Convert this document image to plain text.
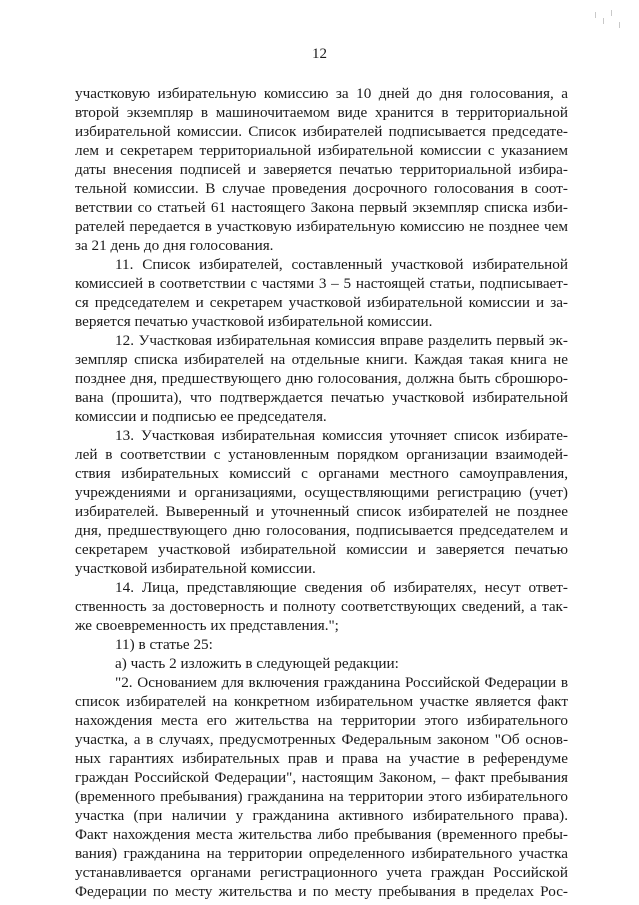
12
участковую избирательную комиссию за 10 дней до дня голосования, а
второй экземпляр в машиночитаемом виде хранится в территориальной
избирательной комиссии. Список избирателей подписывается председате-
лем и секретарем территориальной избирательной комиссии с указанием
даты внесения подписей и заверяется печатью территориальной избира-
тельной комиссии. В случае проведения досрочного голосования в соот-
ветствии со статьей 61 настоящего Закона первый экземпляр списка изби-
рателей передается в участковую избирательную комиссию не позднее чем
за 21 день до дня голосования.
11. Список избирателей, составленный участковой избирательной
комиссией в соответствии с частями 3 – 5 настоящей статьи, подписывает-
ся председателем и секретарем участковой избирательной комиссии и за-
веряется печатью участковой избирательной комиссии.
12. Участковая избирательная комиссия вправе разделить первый эк-
земпляр списка избирателей на отдельные книги. Каждая такая книга не
позднее дня, предшествующего дню голосования, должна быть сброшюро-
вана (прошита), что подтверждается печатью участковой избирательной
комиссии и подписью ее председателя.
13. Участковая избирательная комиссия уточняет список избирате-
лей в соответствии с установленным порядком организации взаимодей-
ствия избирательных комиссий с органами местного самоуправления,
учреждениями и организациями, осуществляющими регистрацию (учет)
избирателей. Выверенный и уточненный список избирателей не позднее
дня, предшествующего дню голосования, подписывается председателем и
секретарем участковой избирательной комиссии и заверяется печатью
участковой избирательной комиссии.
14. Лица, представляющие сведения об избирателях, несут ответ-
ственность за достоверность и полноту соответствующих сведений, а так-
же своевременность их представления.";
11) в статье 25:
а) часть 2 изложить в следующей редакции:
"2. Основанием для включения гражданина Российской Федерации в
список избирателей на конкретном избирательном участке является факт
нахождения места его жительства на территории этого избирательного
участка, а в случаях, предусмотренных Федеральным законом "Об основ-
ных гарантиях избирательных прав и права на участие в референдуме
граждан Российской Федерации", настоящим Законом, – факт пребывания
(временного пребывания) гражданина на территории этого избирательного
участка (при наличии у гражданина активного избирательного права).
Факт нахождения места жительства либо пребывания (временного пребы-
вания) гражданина на территории определенного избирательного участка
устанавливается органами регистрационного учета граждан Российской
Федерации по месту жительства и по месту пребывания в пределах Рос-
